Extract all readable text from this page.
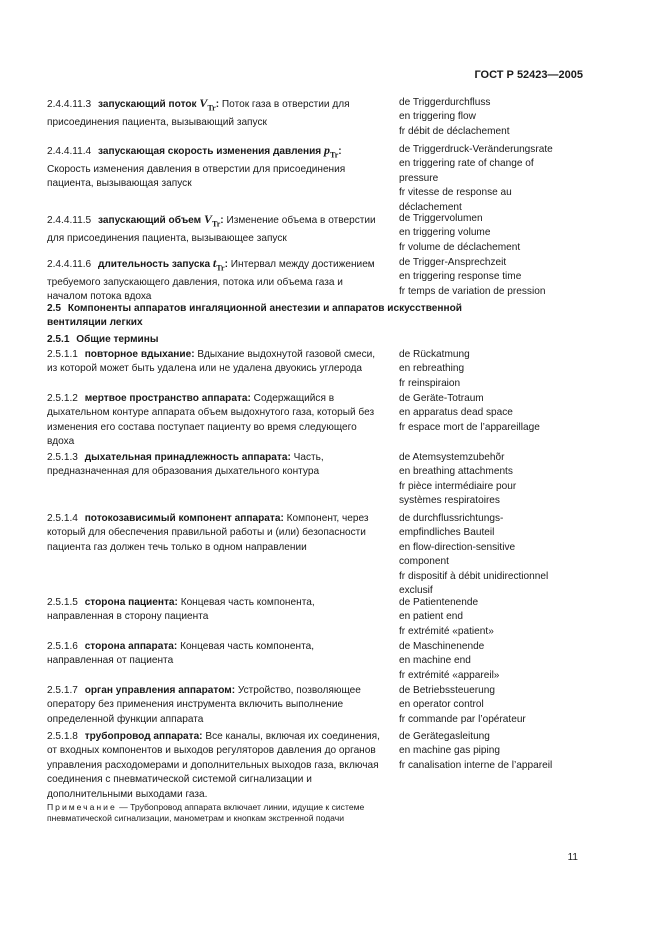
ГОСТ Р 52423—2005
2.4.4.11.3 запускающий поток $V_{Tr}$: Поток газа в отверстии для присоединения пациента, вызывающий запуск
de Triggerdurchfluss
en triggering flow
fr débit de déclachement
2.4.4.11.4 запускающая скорость изменения давления $p_{Tr}$: Скорость изменения давления в отверстии для присоединения пациента, вызывающая запуск
de Triggerdruck-Veränderungsrate
en triggering rate of change of
pressure
fr vitesse de response au
déclachement
2.4.4.11.5 запускающий объем $V_{Tr}$: Изменение объема в отверстии для присоединения пациента, вызывающее запуск
de Triggervolumen
en triggering volume
fr volume de déclachement
2.4.4.11.6 длительность запуска $t_{Tr}$: Интервал между достижением требуемого запускающего давления, потока или объема газа и началом потока вдоха
de Trigger-Ansprechzeit
en triggering response time
fr temps de variation de pression
2.5 Компоненты аппаратов ингаляционной анестезии и аппаратов искусственной вентиляции легких
2.5.1 Общие термины
2.5.1.1 повторное вдыхание: Вдыхание выдохнутой газовой смеси, из которой может быть удалена или не удалена двуокись углерода
de Rückatmung
en rebreathing
fr reinspiraion
2.5.1.2 мертвое пространство аппарата: Содержащийся в дыхательном контуре аппарата объем выдохнутого газа, который без изменения его состава поступает пациенту во время следующего вдоха
de Geräte-Totraum
en apparatus dead space
fr espace mort de l’appareillage
2.5.1.3 дыхательная принадлежность аппарата: Часть, предназначенная для образования дыхательного контура
de Atemsystemzubehõr
en breathing attachments
fr pièce intermédiaire pour
systèmes respiratoires
2.5.1.4 потокозависимый компонент аппарата: Компонент, через который для обеспечения правильной работы и (или) безопасности пациента газ должен течь только в одном направлении
de durchflussrichtungs-
empfindliches Bauteil
en flow-direction-sensitive
component
fr dispositif à débit unidirectionnel
exclusif
2.5.1.5 сторона пациента: Концевая часть компонента, направленная в сторону пациента
de Patientenende
en patient end
fr extrémité «patient»
2.5.1.6 сторона аппарата: Концевая часть компонента, направленная от пациента
de Maschinenende
en machine end
fr extrémité «appareil»
2.5.1.7 орган управления аппаратом: Устройство, позволяющее оператору без применения инструмента включить выполнение определенной функции аппарата
de Betriebssteuerung
en operator control
fr commande par l’opérateur
2.5.1.8 трубопровод аппарата: Все каналы, включая их соединения, от входных компонентов и выходов регуляторов давления до органов управления расходомерами и дополнительных выходов газа, включая соединения с пневматической системой сигнализации и дополнительными выходами газа.
de Gerätegasleitung
en machine gas piping
fr canalisation interne de l’appareil
Примечание — Трубопровод аппарата включает линии, идущие к системе пневматической сигнализации, манометрам и кнопкам экстренной подачи
11
